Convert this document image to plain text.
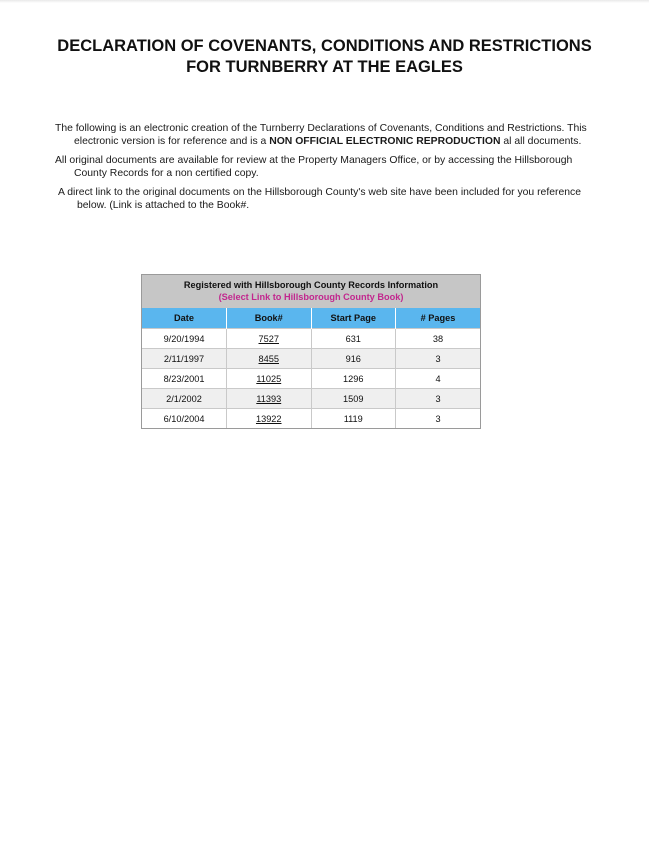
DECLARATION OF COVENANTS, CONDITIONS AND RESTRICTIONS
FOR TURNBERRY AT THE EAGLES
The following is an electronic creation of the Turnberry Declarations of Covenants, Conditions and Restrictions. This
electronic version is for reference and is a NON OFFICIAL ELECTRONIC REPRODUCTION al all documents.
All original documents are available for review at the Property Managers Office, or by accessing the Hillsborough
County Records for a non certified copy.
A direct link to the original documents on the Hillsborough County's web site have been included for you reference
below. (Link is attached to the Book#.
Registered with Hillsborough County Records Information
(Select Link to Hillsborough County Book)
Date	Book#	Start Page	# Pages
9/20/1994	7527	631	38
2/11/1997	8455	916	3
8/23/2001	11025	1296	4
2/1/2002	11393	1509	3
6/10/2004	13922	1119	3
